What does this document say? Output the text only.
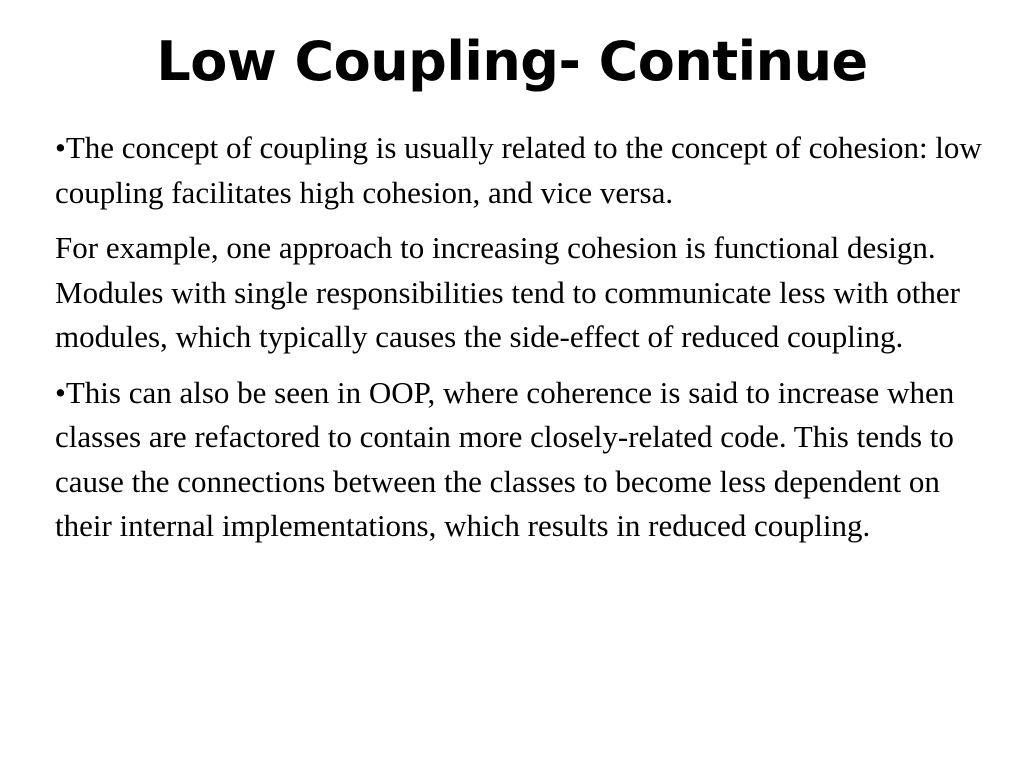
Low Coupling- Continue

•The concept of coupling is usually related to the concept of cohesion: low coupling facilitates high cohesion, and vice versa.

For example, one approach to increasing cohesion is functional design. Modules with single responsibilities tend to communicate less with other modules, which typically causes the side-effect of reduced coupling.

•This can also be seen in OOP, where coherence is said to increase when classes are refactored to contain more closely-related code. This tends to cause the connections between the classes to become less dependent on their internal implementations, which results in reduced coupling.
